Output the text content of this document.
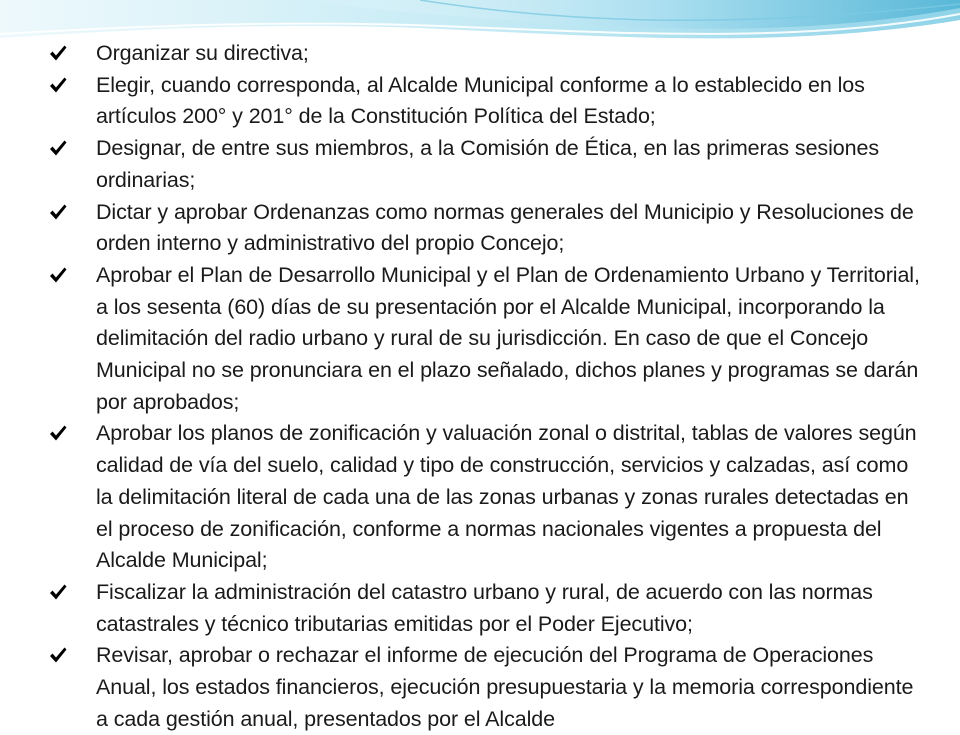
Organizar su directiva;
Elegir, cuando corresponda, al Alcalde Municipal conforme a lo establecido en los artículos 200° y 201° de la Constitución Política del Estado;
Designar, de entre sus miembros, a la Comisión de Ética, en las primeras sesiones ordinarias;
Dictar y aprobar Ordenanzas como normas generales del Municipio y Resoluciones de orden interno y administrativo del propio Concejo;
Aprobar el Plan de Desarrollo Municipal y el Plan de Ordenamiento Urbano y Territorial, a los sesenta (60) días de su presentación por el Alcalde Municipal, incorporando la delimitación del radio urbano y rural de su jurisdicción. En caso de que el Concejo Municipal no se pronunciara en el plazo señalado, dichos planes y programas se darán por aprobados;
Aprobar los planos de zonificación y valuación zonal o distrital, tablas de valores según calidad de vía del suelo, calidad y tipo de construcción, servicios y calzadas, así como la delimitación literal de cada una de las zonas urbanas y zonas rurales detectadas en el proceso de zonificación, conforme a normas nacionales vigentes a propuesta del Alcalde Municipal;
Fiscalizar la administración del catastro urbano y rural, de acuerdo con las normas catastrales y técnico tributarias emitidas por el Poder Ejecutivo;
Revisar, aprobar o rechazar el informe de ejecución del Programa de Operaciones Anual, los estados financieros, ejecución presupuestaria y la memoria correspondiente a cada gestión anual, presentados por el Alcalde
